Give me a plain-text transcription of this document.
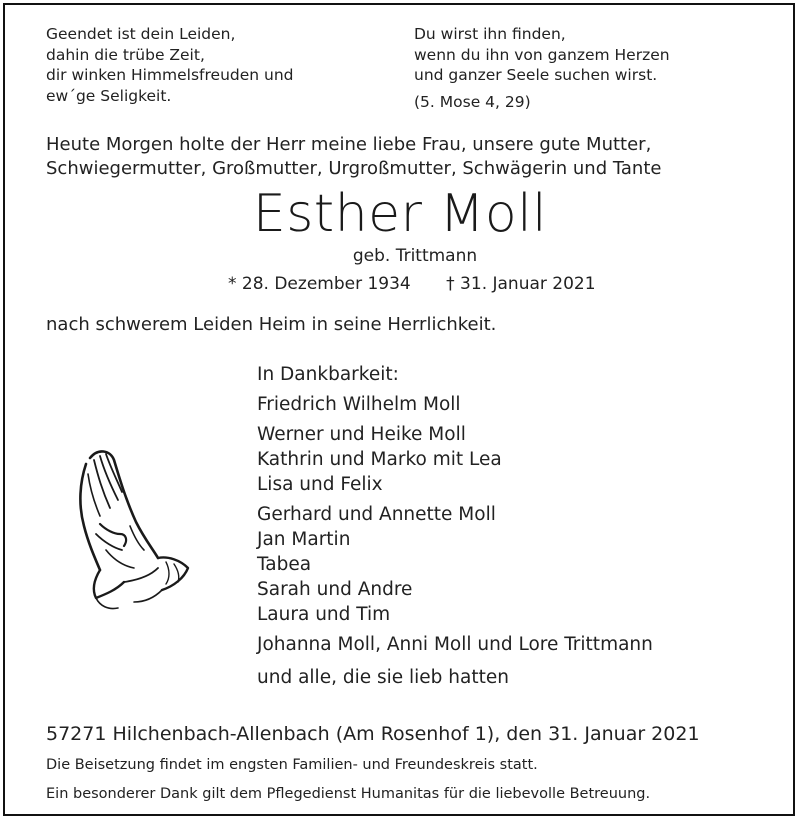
Geendet ist dein Leiden,
dahin die trübe Zeit,
dir winken Himmelsfreuden und
ew´ge Seligkeit.
Du wirst ihn finden,
wenn du ihn von ganzem Herzen
und ganzer Seele suchen wirst.
(5. Mose 4, 29)
Heute Morgen holte der Herr meine liebe Frau, unsere gute Mutter,
Schwiegermutter, Großmutter, Urgroßmutter, Schwägerin und Tante
Esther Moll
geb. Trittmann
* 28. Dezember 1934 † 31. Januar 2021
nach schwerem Leiden Heim in seine Herrlichkeit.
In Dankbarkeit:
Friedrich Wilhelm Moll
Werner und Heike Moll
Kathrin und Marko mit Lea
Lisa und Felix
Gerhard und Annette Moll
Jan Martin
Tabea
Sarah und Andre
Laura und Tim
Johanna Moll, Anni Moll und Lore Trittmann
und alle, die sie lieb hatten
57271 Hilchenbach-Allenbach (Am Rosenhof 1), den 31. Januar 2021
Die Beisetzung findet im engsten Familien- und Freundeskreis statt.
Ein besonderer Dank gilt dem Pflegedienst Humanitas für die liebevolle Betreuung.
